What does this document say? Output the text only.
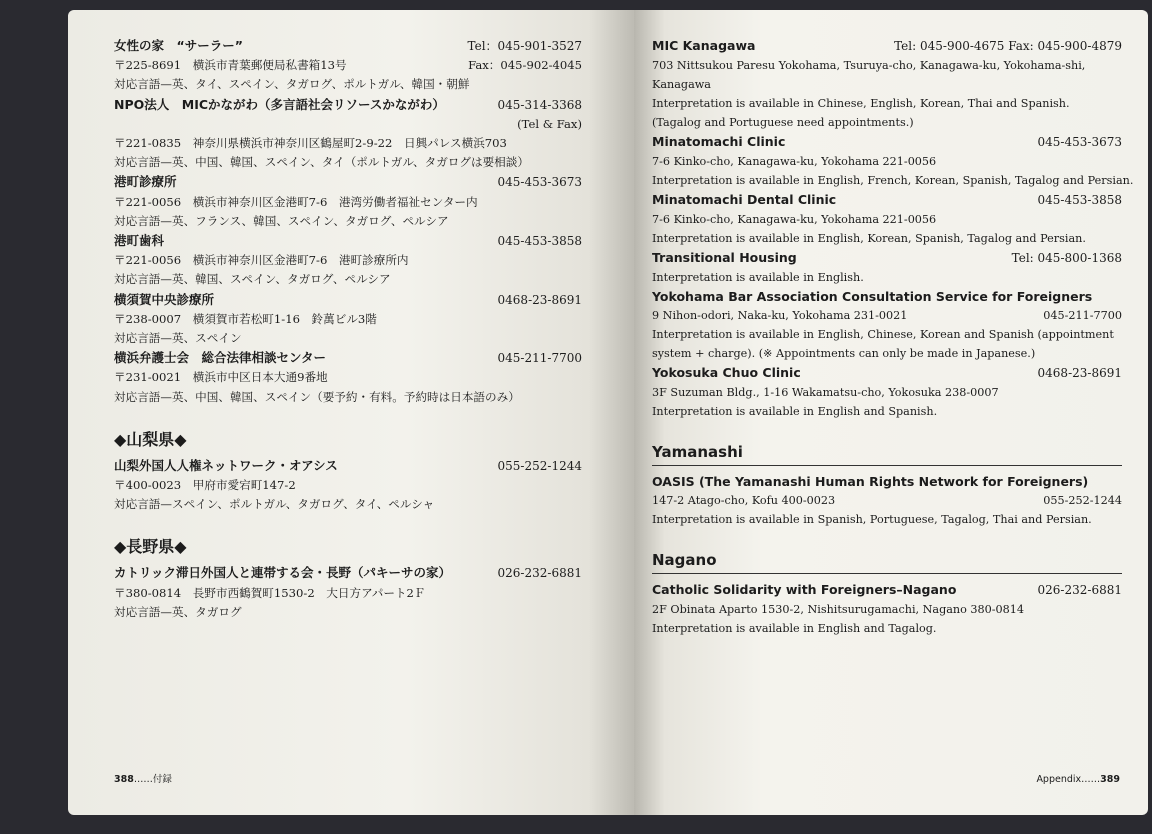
女性の家　“サーラー”	Tel：045-901-3527
〒225-8691　横浜市青葉郵便局私書箱13号	Fax：045-902-4045
対応言語—英、タイ、スペイン、タガログ、ポルトガル、韓国・朝鮮
NPO法人　MICかながわ（多言語社会リソースかながわ）	045-314-3368
(Tel & Fax)
〒221-0835　神奈川県横浜市神奈川区鶴屋町2-9-22　日興パレス横浜703
対応言語—英、中国、韓国、スペイン、タイ（ポルトガル、タガログは要相談）
港町診療所	045-453-3673
〒221-0056　横浜市神奈川区金港町7-6　港湾労働者福祉センター内
対応言語—英、フランス、韓国、スペイン、タガログ、ペルシア
港町歯科	045-453-3858
〒221-0056　横浜市神奈川区金港町7-6　港町診療所内
対応言語—英、韓国、スペイン、タガログ、ペルシア
横須賀中央診療所	0468-23-8691
〒238-0007　横須賀市若松町1-16　鈴萬ビル3階
対応言語—英、スペイン
横浜弁護士会　総合法律相談センター	045-211-7700
〒231-0021　横浜市中区日本大通9番地
対応言語—英、中国、韓国、スペイン（要予約・有料。予約時は日本語のみ）
◆山梨県◆
山梨外国人人権ネットワーク・オアシス	055-252-1244
〒400-0023　甲府市愛宕町147-2
対応言語—スペイン、ポルトガル、タガログ、タイ、ペルシャ
◆長野県◆
カトリック滞日外国人と連帯する会・長野（パキーサの家）	026-232-6881
〒380-0814　長野市西鶴賀町1530-2　大日方アパート2Ｆ
対応言語—英、タガログ
388……付録
MIC Kanagawa	Tel: 045-900-4675 Fax: 045-900-4879
703 Nittsukou Paresu Yokohama, Tsuruya-cho, Kanagawa-ku, Yokohama-shi,
Kanagawa
Interpretation is available in Chinese, English, Korean, Thai and Spanish.
(Tagalog and Portuguese need appointments.)
Minatomachi Clinic	045-453-3673
7-6 Kinko-cho, Kanagawa-ku, Yokohama 221-0056
Interpretation is available in English, French, Korean, Spanish, Tagalog and Persian.
Minatomachi Dental Clinic	045-453-3858
7-6 Kinko-cho, Kanagawa-ku, Yokohama 221-0056
Interpretation is available in English, Korean, Spanish, Tagalog and Persian.
Transitional Housing	Tel: 045-800-1368
Interpretation is available in English.
Yokohama Bar Association Consultation Service for Foreigners
9 Nihon-odori, Naka-ku, Yokohama 231-0021	045-211-7700
Interpretation is available in English, Chinese, Korean and Spanish (appointment
system + charge). (※ Appointments can only be made in Japanese.)
Yokosuka Chuo Clinic	0468-23-8691
3F Suzuman Bldg., 1-16 Wakamatsu-cho, Yokosuka 238-0007
Interpretation is available in English and Spanish.
Yamanashi
OASIS (The Yamanashi Human Rights Network for Foreigners)
147-2 Atago-cho, Kofu 400-0023	055-252-1244
Interpretation is available in Spanish, Portuguese, Tagalog, Thai and Persian.
Nagano
Catholic Solidarity with Foreigners–Nagano	026-232-6881
2F Obinata Aparto 1530-2, Nishitsurugamachi, Nagano 380-0814
Interpretation is available in English and Tagalog.
Appendix……389
